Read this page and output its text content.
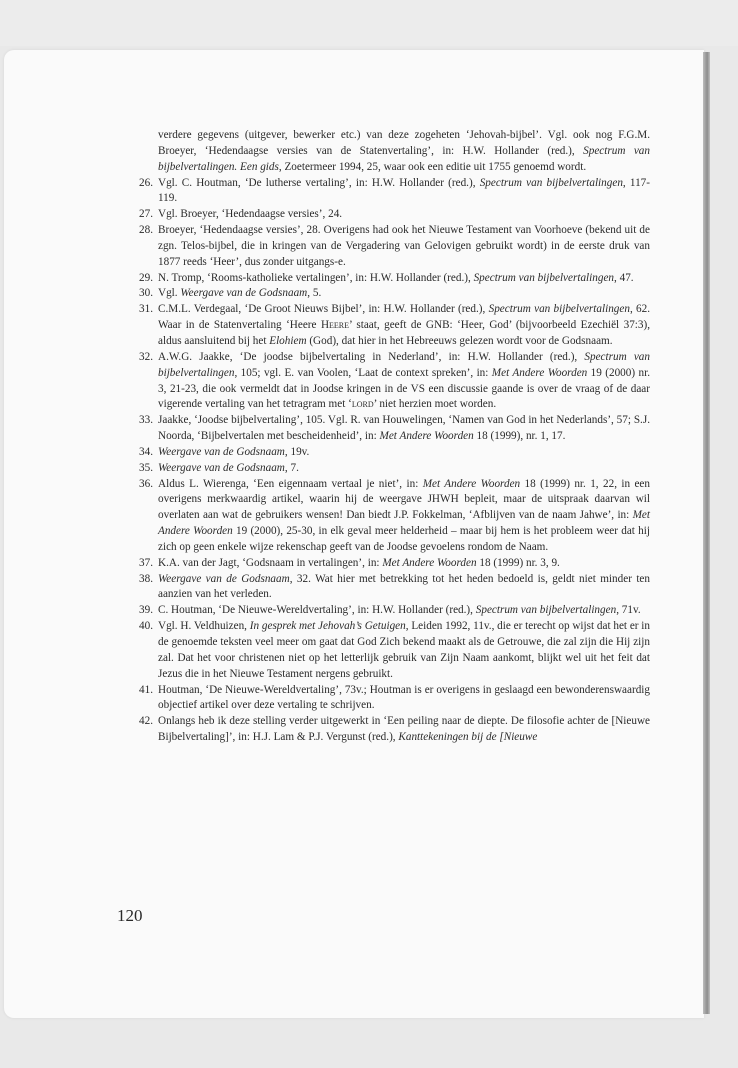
verdere gegevens (uitgever, bewerker etc.) van deze zogeheten ‘Jehovah-bijbel’. Vgl. ook nog F.G.M. Broeyer, ‘Hedendaagse versies van de Statenvertaling’, in: H.W. Hollander (red.), Spectrum van bijbelvertalingen. Een gids, Zoetermeer 1994, 25, waar ook een editie uit 1755 genoemd wordt.
26. Vgl. C. Houtman, ‘De lutherse vertaling’, in: H.W. Hollander (red.), Spectrum van bijbelvertalingen, 117-119.
27. Vgl. Broeyer, ‘Hedendaagse versies’, 24.
28. Broeyer, ‘Hedendaagse versies’, 28. Overigens had ook het Nieuwe Testament van Voorhoeve (bekend uit de zgn. Telos-bijbel, die in kringen van de Vergadering van Gelovigen gebruikt wordt) in de eerste druk van 1877 reeds ‘Heer’, dus zonder uitgangs-e.
29. N. Tromp, ‘Rooms-katholieke vertalingen’, in: H.W. Hollander (red.), Spectrum van bijbelvertalingen, 47.
30. Vgl. Weergave van de Godsnaam, 5.
31. C.M.L. Verdegaal, ‘De Groot Nieuws Bijbel’, in: H.W. Hollander (red.), Spectrum van bijbelvertalingen, 62. Waar in de Statenvertaling ‘Heere Heere’ staat, geeft de GNB: ‘Heer, God’ (bijvoorbeeld Ezechiël 37:3), aldus aansluitend bij het Elohiem (God), dat hier in het Hebreeuws gelezen wordt voor de Godsnaam.
32. A.W.G. Jaakke, ‘De joodse bijbelvertaling in Nederland’, in: H.W. Hollander (red.), Spectrum van bijbelvertalingen, 105; vgl. E. van Voolen, ‘Laat de context spreken’, in: Met Andere Woorden 19 (2000) nr. 3, 21-23, die ook vermeldt dat in Joodse kringen in de VS een discussie gaande is over de vraag of de daar vigerende vertaling van het tetragram met ‘lord’ niet herzien moet worden.
33. Jaakke, ‘Joodse bijbelvertaling’, 105. Vgl. R. van Houwelingen, ‘Namen van God in het Nederlands’, 57; S.J. Noorda, ‘Bijbelvertalen met bescheidenheid’, in: Met Andere Woorden 18 (1999), nr. 1, 17.
34. Weergave van de Godsnaam, 19v.
35. Weergave van de Godsnaam, 7.
36. Aldus L. Wierenga, ‘Een eigennaam vertaal je niet’, in: Met Andere Woorden 18 (1999) nr. 1, 22, in een overigens merkwaardig artikel, waarin hij de weergave JHWH bepleit, maar de uitspraak daarvan wil overlaten aan wat de gebruikers wensen! Dan biedt J.P. Fokkelman, ‘Afblijven van de naam Jahwe’, in: Met Andere Woorden 19 (2000), 25-30, in elk geval meer helderheid – maar bij hem is het probleem weer dat hij zich op geen enkele wijze rekenschap geeft van de Joodse gevoelens rondom de Naam.
37. K.A. van der Jagt, ‘Godsnaam in vertalingen’, in: Met Andere Woorden 18 (1999) nr. 3, 9.
38. Weergave van de Godsnaam, 32. Wat hier met betrekking tot het heden bedoeld is, geldt niet minder ten aanzien van het verleden.
39. C. Houtman, ‘De Nieuwe-Wereldvertaling’, in: H.W. Hollander (red.), Spectrum van bijbelvertalingen, 71v.
40. Vgl. H. Veldhuizen, In gesprek met Jehovah’s Getuigen, Leiden 1992, 11v., die er terecht op wijst dat het er in de genoemde teksten veel meer om gaat dat God Zich bekend maakt als de Getrouwe, die zal zijn die Hij zijn zal. Dat het voor christenen niet op het letterlijk gebruik van Zijn Naam aankomt, blijkt wel uit het feit dat Jezus die in het Nieuwe Testament nergens gebruikt.
41. Houtman, ‘De Nieuwe-Wereldvertaling’, 73v.; Houtman is er overigens in geslaagd een bewonderenswaardig objectief artikel over deze vertaling te schrijven.
42. Onlangs heb ik deze stelling verder uitgewerkt in ‘Een peiling naar de diepte. De filosofie achter de [Nieuwe Bijbelvertaling]’, in: H.J. Lam & P.J. Vergunst (red.), Kanttekeningen bij de [Nieuwe
120
